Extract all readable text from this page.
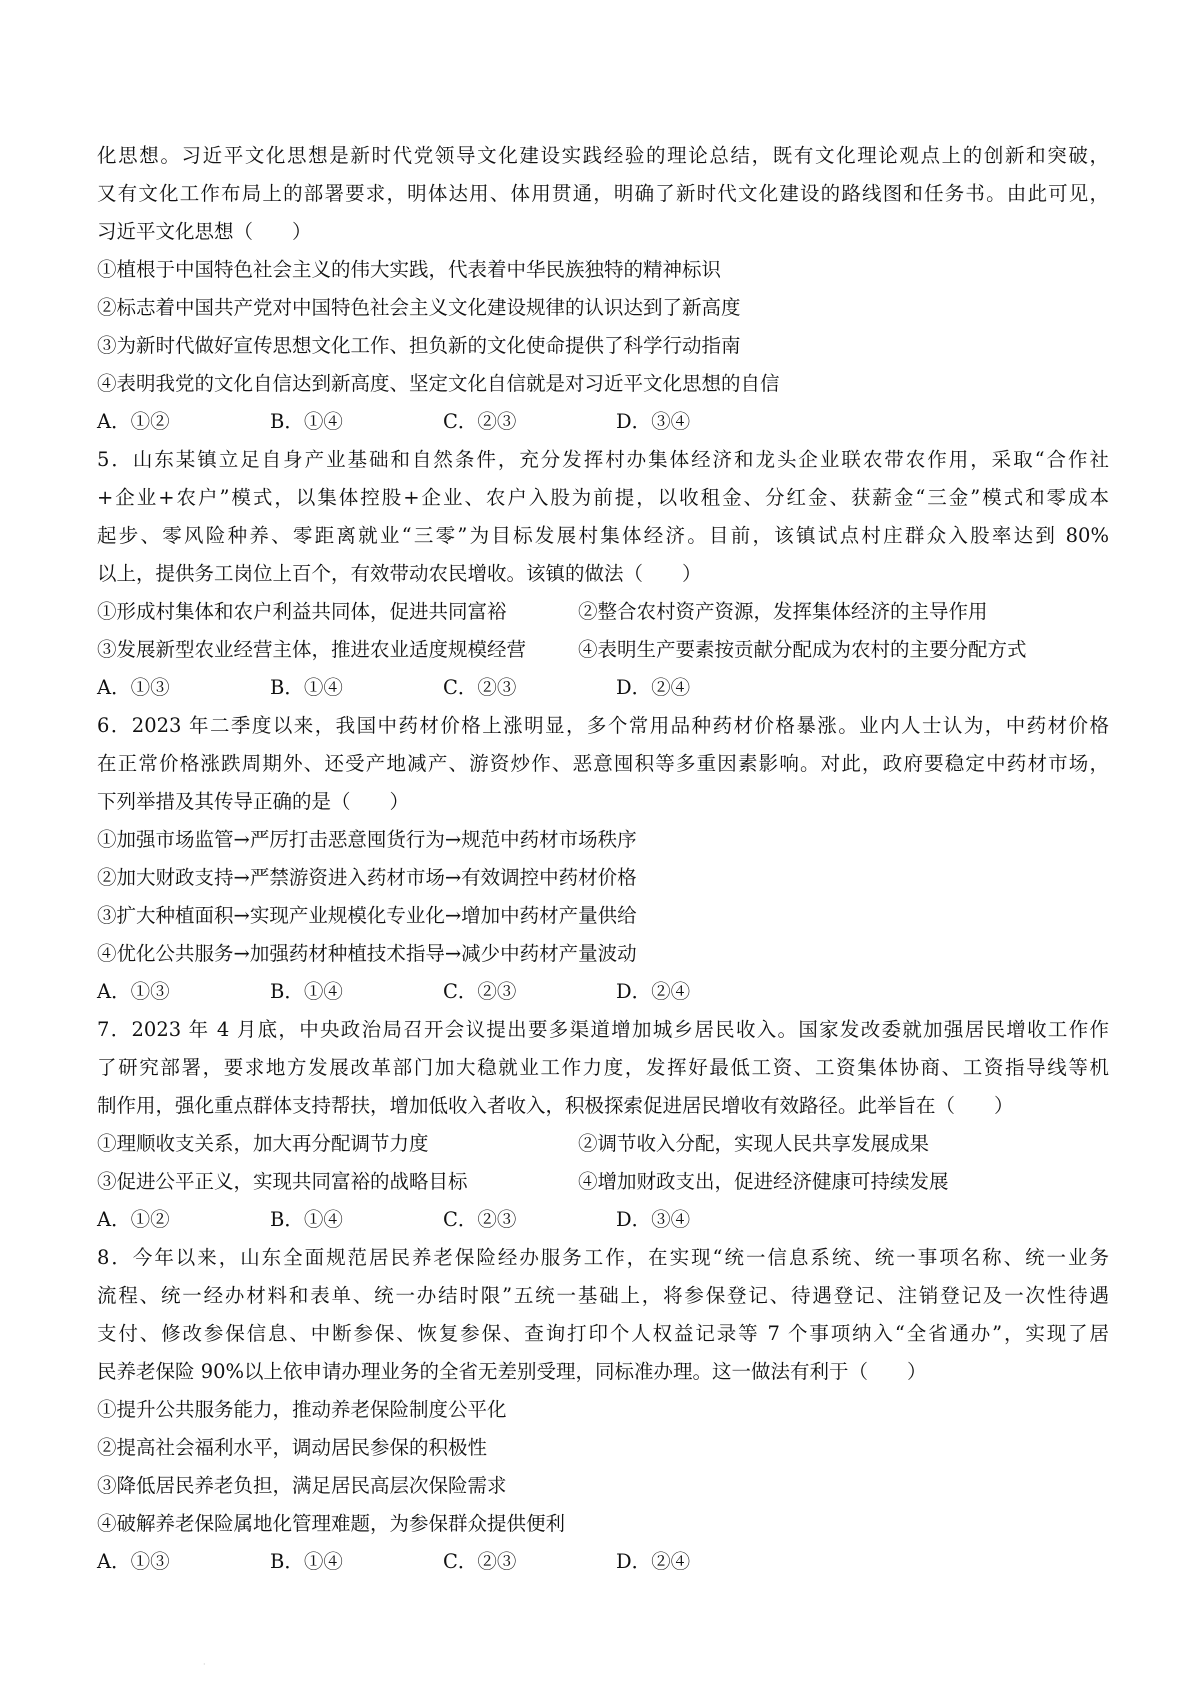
化思想。习近平文化思想是新时代党领导文化建设实践经验的理论总结，既有文化理论观点上的创新和突破，
又有文化工作布局上的部署要求，明体达用、体用贯通，明确了新时代文化建设的路线图和任务书。由此可见，
习近平文化思想（　　）
①植根于中国特色社会主义的伟大实践，代表着中华民族独特的精神标识
②标志着中国共产党对中国特色社会主义文化建设规律的认识达到了新高度
③为新时代做好宣传思想文化工作、担负新的文化使命提供了科学行动指南
④表明我党的文化自信达到新高度、坚定文化自信就是对习近平文化思想的自信
A．①②	B．①④	C．②③	D．③④
5．山东某镇立足自身产业基础和自然条件，充分发挥村办集体经济和龙头企业联农带农作用，采取“合作社
+企业+农户”模式，以集体控股+企业、农户入股为前提，以收租金、分红金、获薪金“三金”模式和零成本
起步、零风险种养、零距离就业“三零”为目标发展村集体经济。目前，该镇试点村庄群众入股率达到 80%
以上，提供务工岗位上百个，有效带动农民增收。该镇的做法（　　）
①形成村集体和农户利益共同体，促进共同富裕	②整合农村资产资源，发挥集体经济的主导作用
③发展新型农业经营主体，推进农业适度规模经营	④表明生产要素按贡献分配成为农村的主要分配方式
A．①③	B．①④	C．②③	D．②④
6．2023 年二季度以来，我国中药材价格上涨明显，多个常用品种药材价格暴涨。业内人士认为，中药材价格
在正常价格涨跌周期外、还受产地减产、游资炒作、恶意囤积等多重因素影响。对此，政府要稳定中药材市场，
下列举措及其传导正确的是（　　）
①加强市场监管→严厉打击恶意囤货行为→规范中药材市场秩序
②加大财政支持→严禁游资进入药材市场→有效调控中药材价格
③扩大种植面积→实现产业规模化专业化→增加中药材产量供给
④优化公共服务→加强药材种植技术指导→减少中药材产量波动
A．①③	B．①④	C．②③	D．②④
7．2023 年 4 月底，中央政治局召开会议提出要多渠道增加城乡居民收入。国家发改委就加强居民增收工作作
了研究部署，要求地方发展改革部门加大稳就业工作力度，发挥好最低工资、工资集体协商、工资指导线等机
制作用，强化重点群体支持帮扶，增加低收入者收入，积极探索促进居民增收有效路径。此举旨在（　　）
①理顺收支关系，加大再分配调节力度	②调节收入分配，实现人民共享发展成果
③促进公平正义，实现共同富裕的战略目标	④增加财政支出，促进经济健康可持续发展
A．①②	B．①④	C．②③	D．③④
8．今年以来，山东全面规范居民养老保险经办服务工作，在实现“统一信息系统、统一事项名称、统一业务
流程、统一经办材料和表单、统一办结时限”五统一基础上，将参保登记、待遇登记、注销登记及一次性待遇
支付、修改参保信息、中断参保、恢复参保、查询打印个人权益记录等 7 个事项纳入“全省通办”，实现了居
民养老保险 90%以上依申请办理业务的全省无差别受理，同标准办理。这一做法有利于（　　）
①提升公共服务能力，推动养老保险制度公平化
②提高社会福利水平，调动居民参保的积极性
③降低居民养老负担，满足居民高层次保险需求
④破解养老保险属地化管理难题，为参保群众提供便利
A．①③	B．①④	C．②③	D．②④
·
